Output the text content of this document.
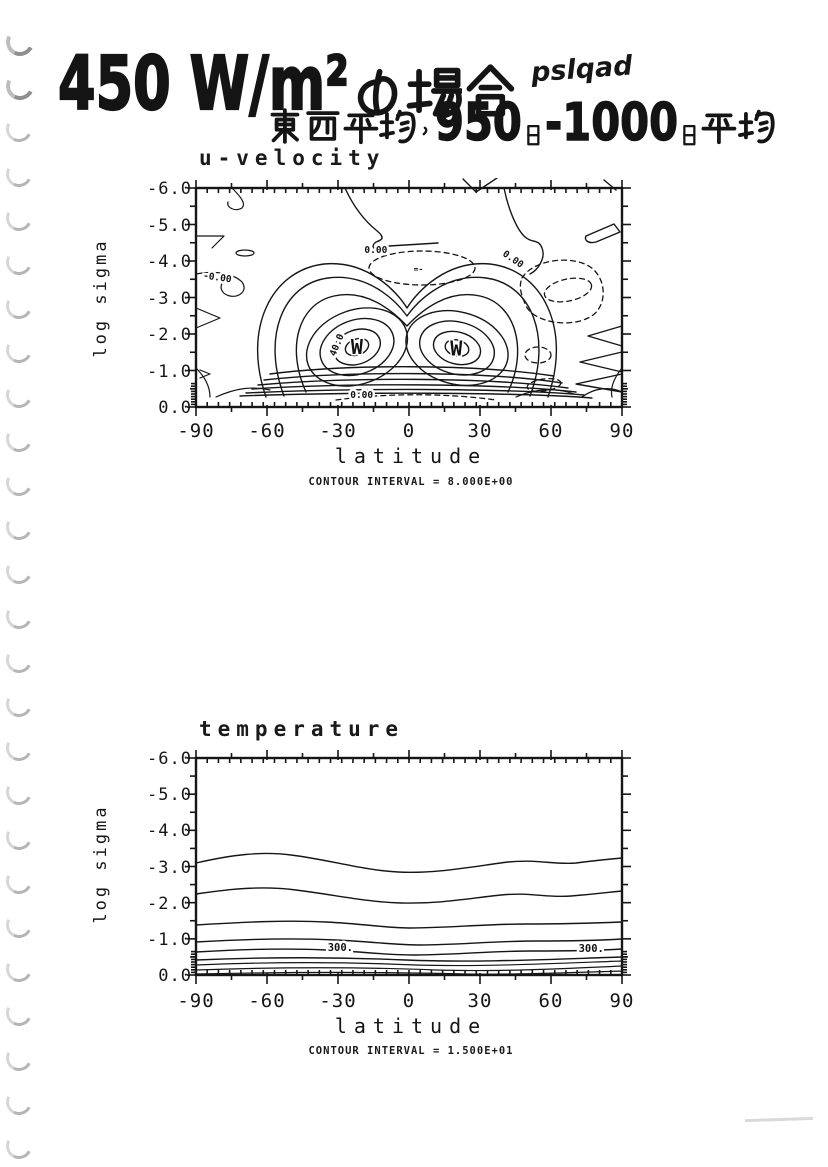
450 W/m²	pslqad
950 -1000
u-velocity
-0.00
0.00	0.00
40.0
0.00
=-
W	W
-6.0
-5.0
-4.0
-3.0
-2.0
-1.0
0.0
-90 -60 -30 0	30 60 90
log sigma
latitude
CONTOUR INTERVAL = 8.000E+00
temperature
300.	300.
-6.0
-5.0
-4.0
-3.0
-2.0
-1.0
0.0
-90 -60 -30 0	30 60 90
log sigma
latitude
CONTOUR INTERVAL = 1.500E+01
